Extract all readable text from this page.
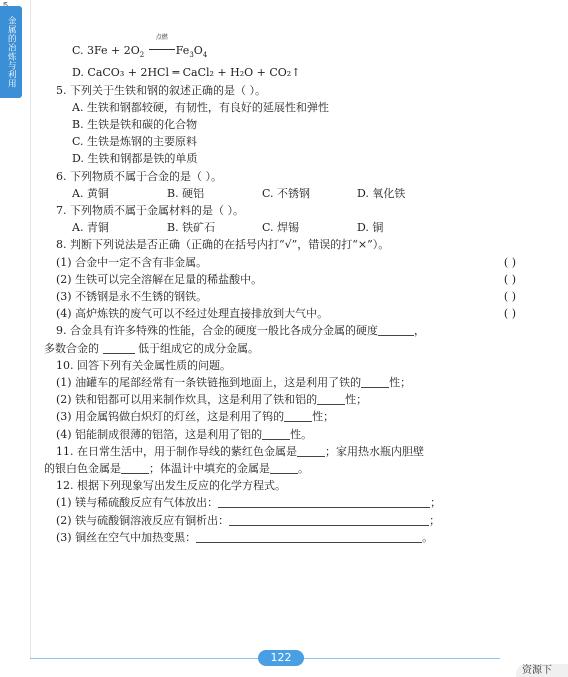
金属的冶炼与利用	C. $3Fe + 2O_2$
点燃
$Fe_3O_4$
D. CaCO₃ + 2HCl ═ CaCl₂ + H₂O + CO₂↑
5. 下列关于生铁和钢的叙述正确的是（ ）。
A. 生铁和钢都较硬，有韧性，有良好的延展性和弹性
B. 生铁是铁和碳的化合物
C. 生铁是炼钢的主要原料
D. 生铁和钢都是铁的单质
6. 下列物质不属于合金的是（ ）。
A. 黄铜	B. 硬铝	C. 不锈钢	D. 氧化铁
7. 下列物质不属于金属材料的是（ ）。
A. 青铜	B. 铁矿石	C. 焊锡	D. 铜
8. 判断下列说法是否正确（正确的在括号内打“√”，错误的打“×”）。
(1) 合金中一定不含有非金属。	( )
(2) 生铁可以完全溶解在足量的稀盐酸中。	( )
(3) 不锈钢是永不生锈的钢铁。	( )
(4) 高炉炼铁的废气可以不经过处理直接排放到大气中。	( )
9. 合金具有许多特殊的性能，合金的硬度一般比各成分金属的硬度	，
多数合金的	低于组成它的成分金属。
10. 回答下列有关金属性质的问题。
(1) 油罐车的尾部经常有一条铁链拖到地面上，这是利用了铁的	性；
(2) 铁和铝都可以用来制作炊具，这是利用了铁和铝的	性；
(3) 用金属钨做白炽灯的灯丝，这是利用了钨的	性；
(4) 铝能制成很薄的铝箔，这是利用了铝的	性。
11. 在日常生活中，用于制作导线的紫红色金属是	；家用热水瓶内胆壁
的银白色金属是	；体温计中填充的金属是	。
12. 根据下列现象写出发生反应的化学方程式。
(1) 镁与稀硫酸反应有气体放出：	；
(2) 铁与硫酸铜溶液反应有铜析出：	；
(3) 铜丝在空气中加热变黑：	。
122
资源下
